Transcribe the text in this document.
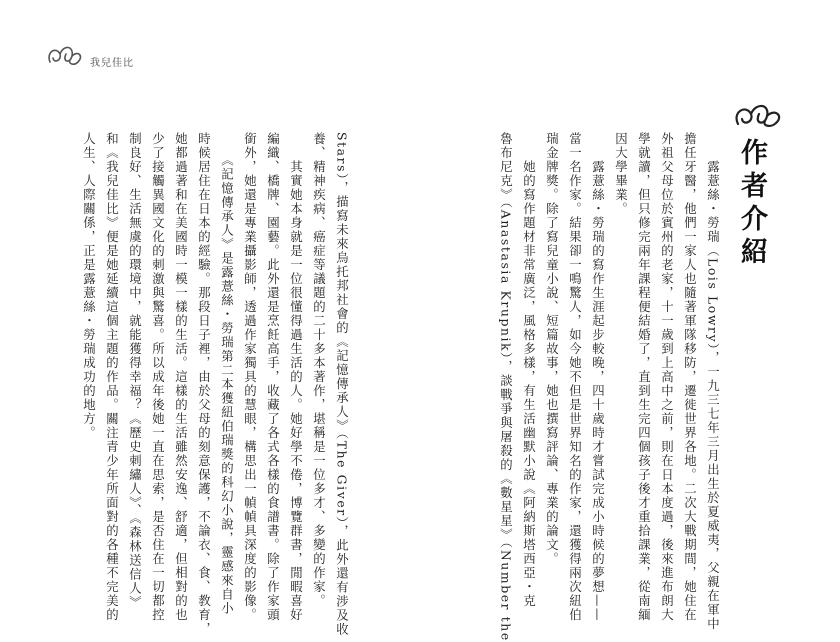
我兒佳比
作者介紹
　　露薏絲・勞瑞（Lois Lowry），一九三七年三月出生於夏威夷，父親在軍中
擔任牙醫，他們一家人也隨著軍隊移防，遷徙世界各地。二次大戰期間，她住在
外祖父母位於賓州的老家，十一歲到上高中之前，則在日本度過，後來進布朗大
學就讀，但只修完兩年課程便結婚了，直到生完四個孩子後才重拾課業，從南緬
因大學畢業。
　　露薏絲・勞瑞的寫作生涯起步較晚，四十歲時才嘗試完成小時候的夢想——
當一名作家。結果卻一鳴驚人，如今她不但是世界知名的作家，還獲得兩次紐伯
瑞金牌獎。除了寫兒童小說、短篇故事，她也撰寫評論、專業的論文。
　　她的寫作題材非常廣泛，風格多樣，有生活幽默小說《阿納斯塔西亞・克
魯布尼克》（Anastasia Krupnik），談戰爭與屠殺的《數星星》（Number the
Stars），描寫未來烏托邦社會的《記憶傳承人》（The Giver），此外還有涉及收
養、精神疾病、癌症等議題的二十多本著作，堪稱是一位多才、多變的作家。
　　其實她本身就是一位很懂得過生活的人。她好學不倦，博覽群書，閒暇喜好
編織、橋牌、園藝。此外還是烹飪高手，收藏了各式各樣的食譜書。除了作家頭
銜外，她還是專業攝影師，透過作家獨具的慧眼，構思出一幀幀具深度的影像。
　　《記憶傳承人》是露薏絲・勞瑞第二本獲紐伯瑞獎的科幻小說，靈感來自小
時候居住在日本的經驗。那段日子裡，由於父母的刻意保護，不論衣、食、教育，
她都過著和在美國時一模一樣的生活。這樣的生活雖然安逸、舒適，但相對的也
少了接觸異國文化的刺激與驚喜。所以成年後她一直在思索，是否住在一切都控
制良好、生活無虞的環境中，就能獲得幸福？《歷史刺繡人》、《森林送信人》
和《我兒佳比》便是她延續這個主題的作品。關注青少年所面對的各種不完美的
人生、人際關係，正是露薏絲・勞瑞成功的地方。
